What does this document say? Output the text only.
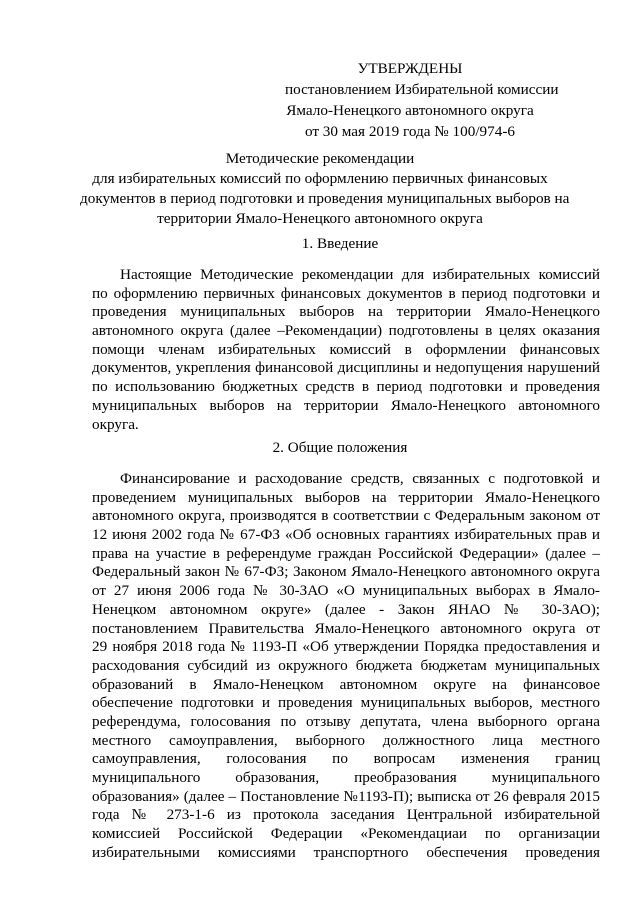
УТВЕРЖДЕНЫ
постановлением Избирательной комиссии
Ямало-Ненецкого автономного округа
от 30 мая 2019 года № 100/974-6
Методические рекомендации
для избирательных комиссий по оформлению первичных финансовых
документов в период подготовки и проведения муниципальных выборов на
территории Ямало-Ненецкого автономного округа
1. Введение
Настоящие Методические рекомендации для избирательных комиссий
по оформлению первичных финансовых документов в период подготовки и
проведения муниципальных выборов на территории Ямало-Ненецкого
автономного округа (далее –Рекомендации) подготовлены в целях оказания
помощи членам избирательных комиссий в оформлении финансовых
документов, укрепления финансовой дисциплины и недопущения нарушений
по использованию бюджетных средств в период подготовки и проведения
муниципальных выборов на территории Ямало-Ненецкого автономного
округа.
2. Общие положения
Финансирование и расходование средств, связанных с подготовкой и
проведением муниципальных выборов на территории Ямало-Ненецкого
автономного округа, производятся в соответствии с Федеральным законом от
12 июня 2002 года № 67-ФЗ «Об основных гарантиях избирательных прав и
права на участие в референдуме граждан Российской Федерации» (далее –
Федеральный закон № 67-ФЗ; Законом Ямало-Ненецкого автономного округа
от 27 июня 2006 года № 30-ЗАО «О муниципальных выборах в Ямало-
Ненецком автономном округе» (далее - Закон ЯНАО № 30-ЗАО);
постановлением Правительства Ямало-Ненецкого автономного округа от
29 ноября 2018 года № 1193-П «Об утверждении Порядка предоставления и
расходования субсидий из окружного бюджета бюджетам муниципальных
образований в Ямало-Ненецком автономном округе на финансовое
обеспечение подготовки и проведения муниципальных выборов, местного
референдума, голосования по отзыву депутата, члена выборного органа
местного самоуправления, выборного должностного лица местного
самоуправления, голосования по вопросам изменения границ
муниципального образования, преобразования муниципального
образования» (далее – Постановление №1193-П); выписка от 26 февраля 2015
года № 273-1-6 из протокола заседания Центральной избирательной
комиссией Российской Федерации «Рекомендациаи по организации
избирательными комиссиями транспортного обеспечения проведения
